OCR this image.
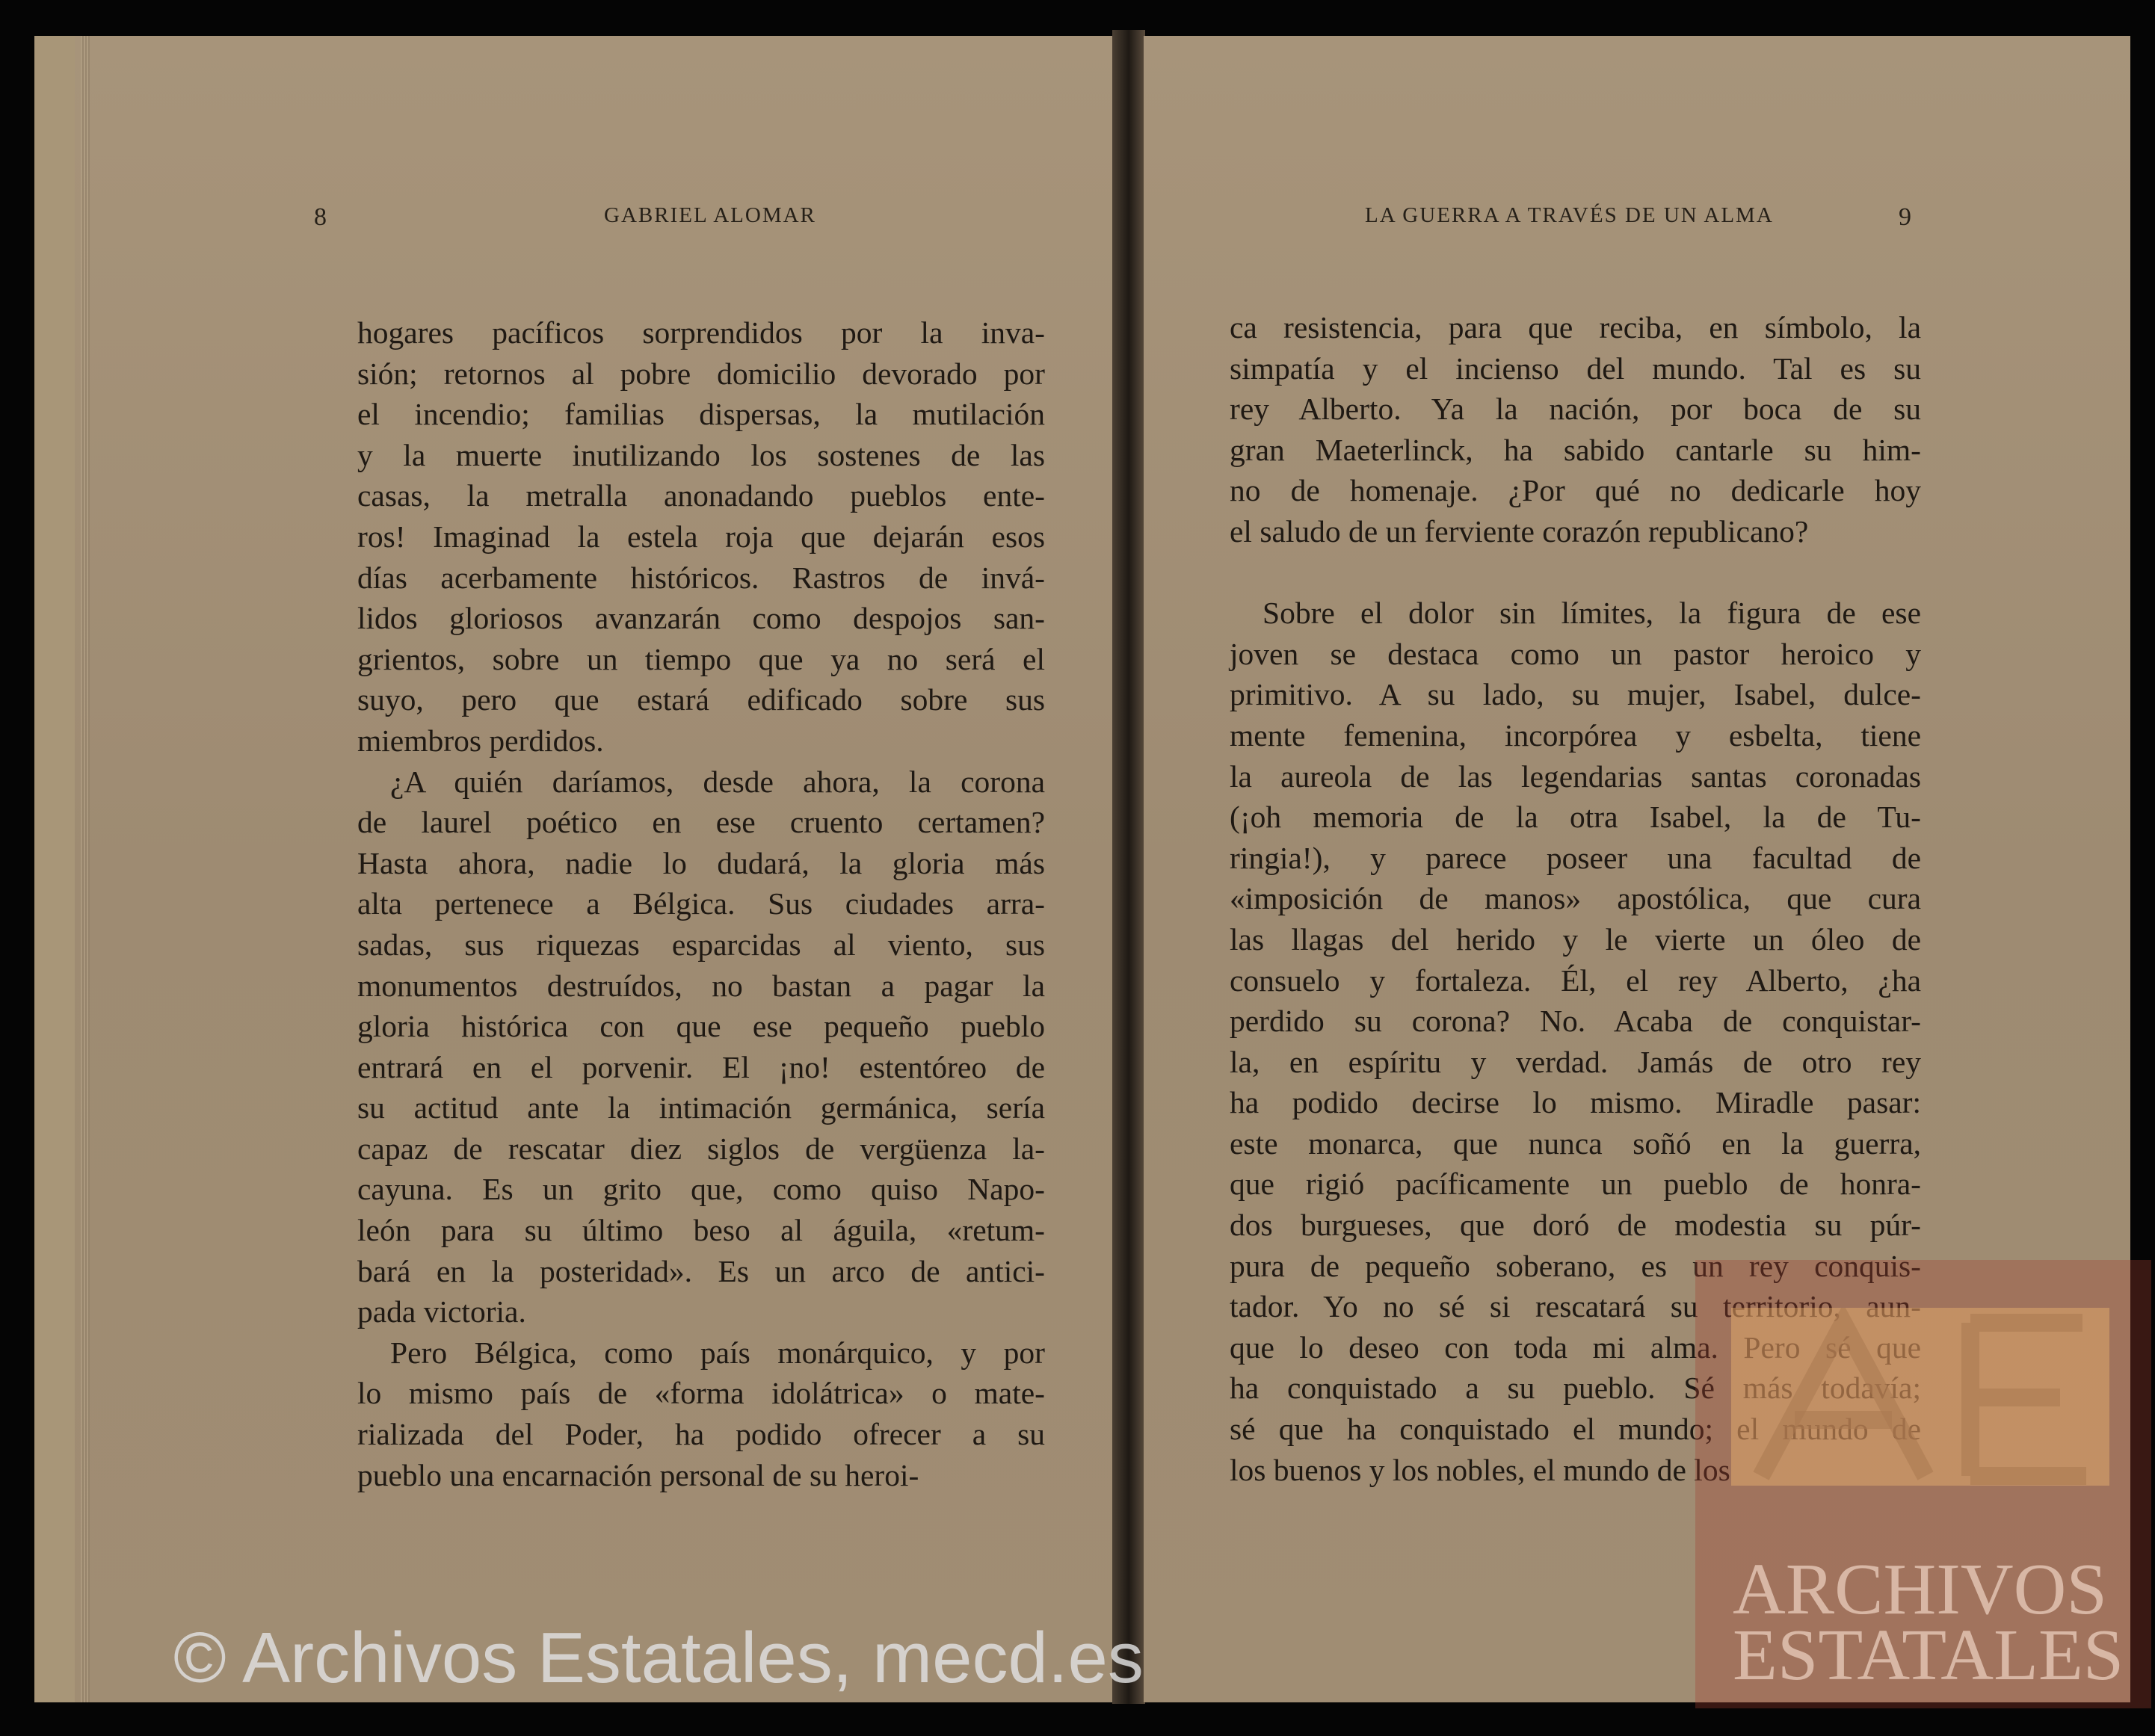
8	GABRIEL ALOMAR
hogares pacíficos sorprendidos por la inva-
sión; retornos al pobre domicilio devorado por
el incendio; familias dispersas, la mutilación
y la muerte inutilizando los sostenes de las
casas, la metralla anonadando pueblos ente-
ros! Imaginad la estela roja que dejarán esos
días acerbamente históricos. Rastros de invá-
lidos gloriosos avanzarán como despojos san-
grientos, sobre un tiempo que ya no será el
suyo, pero que estará edificado sobre sus
miembros perdidos.
¿A quién daríamos, desde ahora, la corona
de laurel poético en ese cruento certamen?
Hasta ahora, nadie lo dudará, la gloria más
alta pertenece a Bélgica. Sus ciudades arra-
sadas, sus riquezas esparcidas al viento, sus
monumentos destruídos, no bastan a pagar la
gloria histórica con que ese pequeño pueblo
entrará en el porvenir. El ¡no! estentóreo de
su actitud ante la intimación germánica, sería
capaz de rescatar diez siglos de vergüenza la-
cayuna. Es un grito que, como quiso Napo-
león para su último beso al águila, «retum-
bará en la posteridad». Es un arco de antici-
pada victoria.
Pero Bélgica, como país monárquico, y por
lo mismo país de «forma idolátrica» o mate-
rializada del Poder, ha podido ofrecer a su
pueblo una encarnación personal de su heroi-
LA GUERRA A TRAVÉS DE UN ALMA	9
ca resistencia, para que reciba, en símbolo, la
simpatía y el incienso del mundo. Tal es su
rey Alberto. Ya la nación, por boca de su
gran Maeterlinck, ha sabido cantarle su him-
no de homenaje. ¿Por qué no dedicarle hoy
el saludo de un ferviente corazón republicano?
Sobre el dolor sin límites, la figura de ese
joven se destaca como un pastor heroico y
primitivo. A su lado, su mujer, Isabel, dulce-
mente femenina, incorpórea y esbelta, tiene
la aureola de las legendarias santas coronadas
(¡oh memoria de la otra Isabel, la de Tu-
ringia!), y parece poseer una facultad de
«imposición de manos» apostólica, que cura
las llagas del herido y le vierte un óleo de
consuelo y fortaleza. Él, el rey Alberto, ¿ha
perdido su corona? No. Acaba de conquistar-
la, en espíritu y verdad. Jamás de otro rey
ha podido decirse lo mismo. Miradle pasar:
este monarca, que nunca soñó en la guerra,
que rigió pacíficamente un pueblo de honra-
dos burgueses, que doró de modestia su púr-
pura de pequeño soberano, es un rey conquis-
tador. Yo no sé si rescatará su territorio, aun-
que lo deseo con toda mi alma. Pero sé que
ha conquistado a su pueblo. Sé más todavía;
sé que ha conquistado el mundo; el mundo de
los buenos y los nobles, el mundo de los
ARCHIVOS
ESTATALES
© Archivos Estatales, mecd.es
